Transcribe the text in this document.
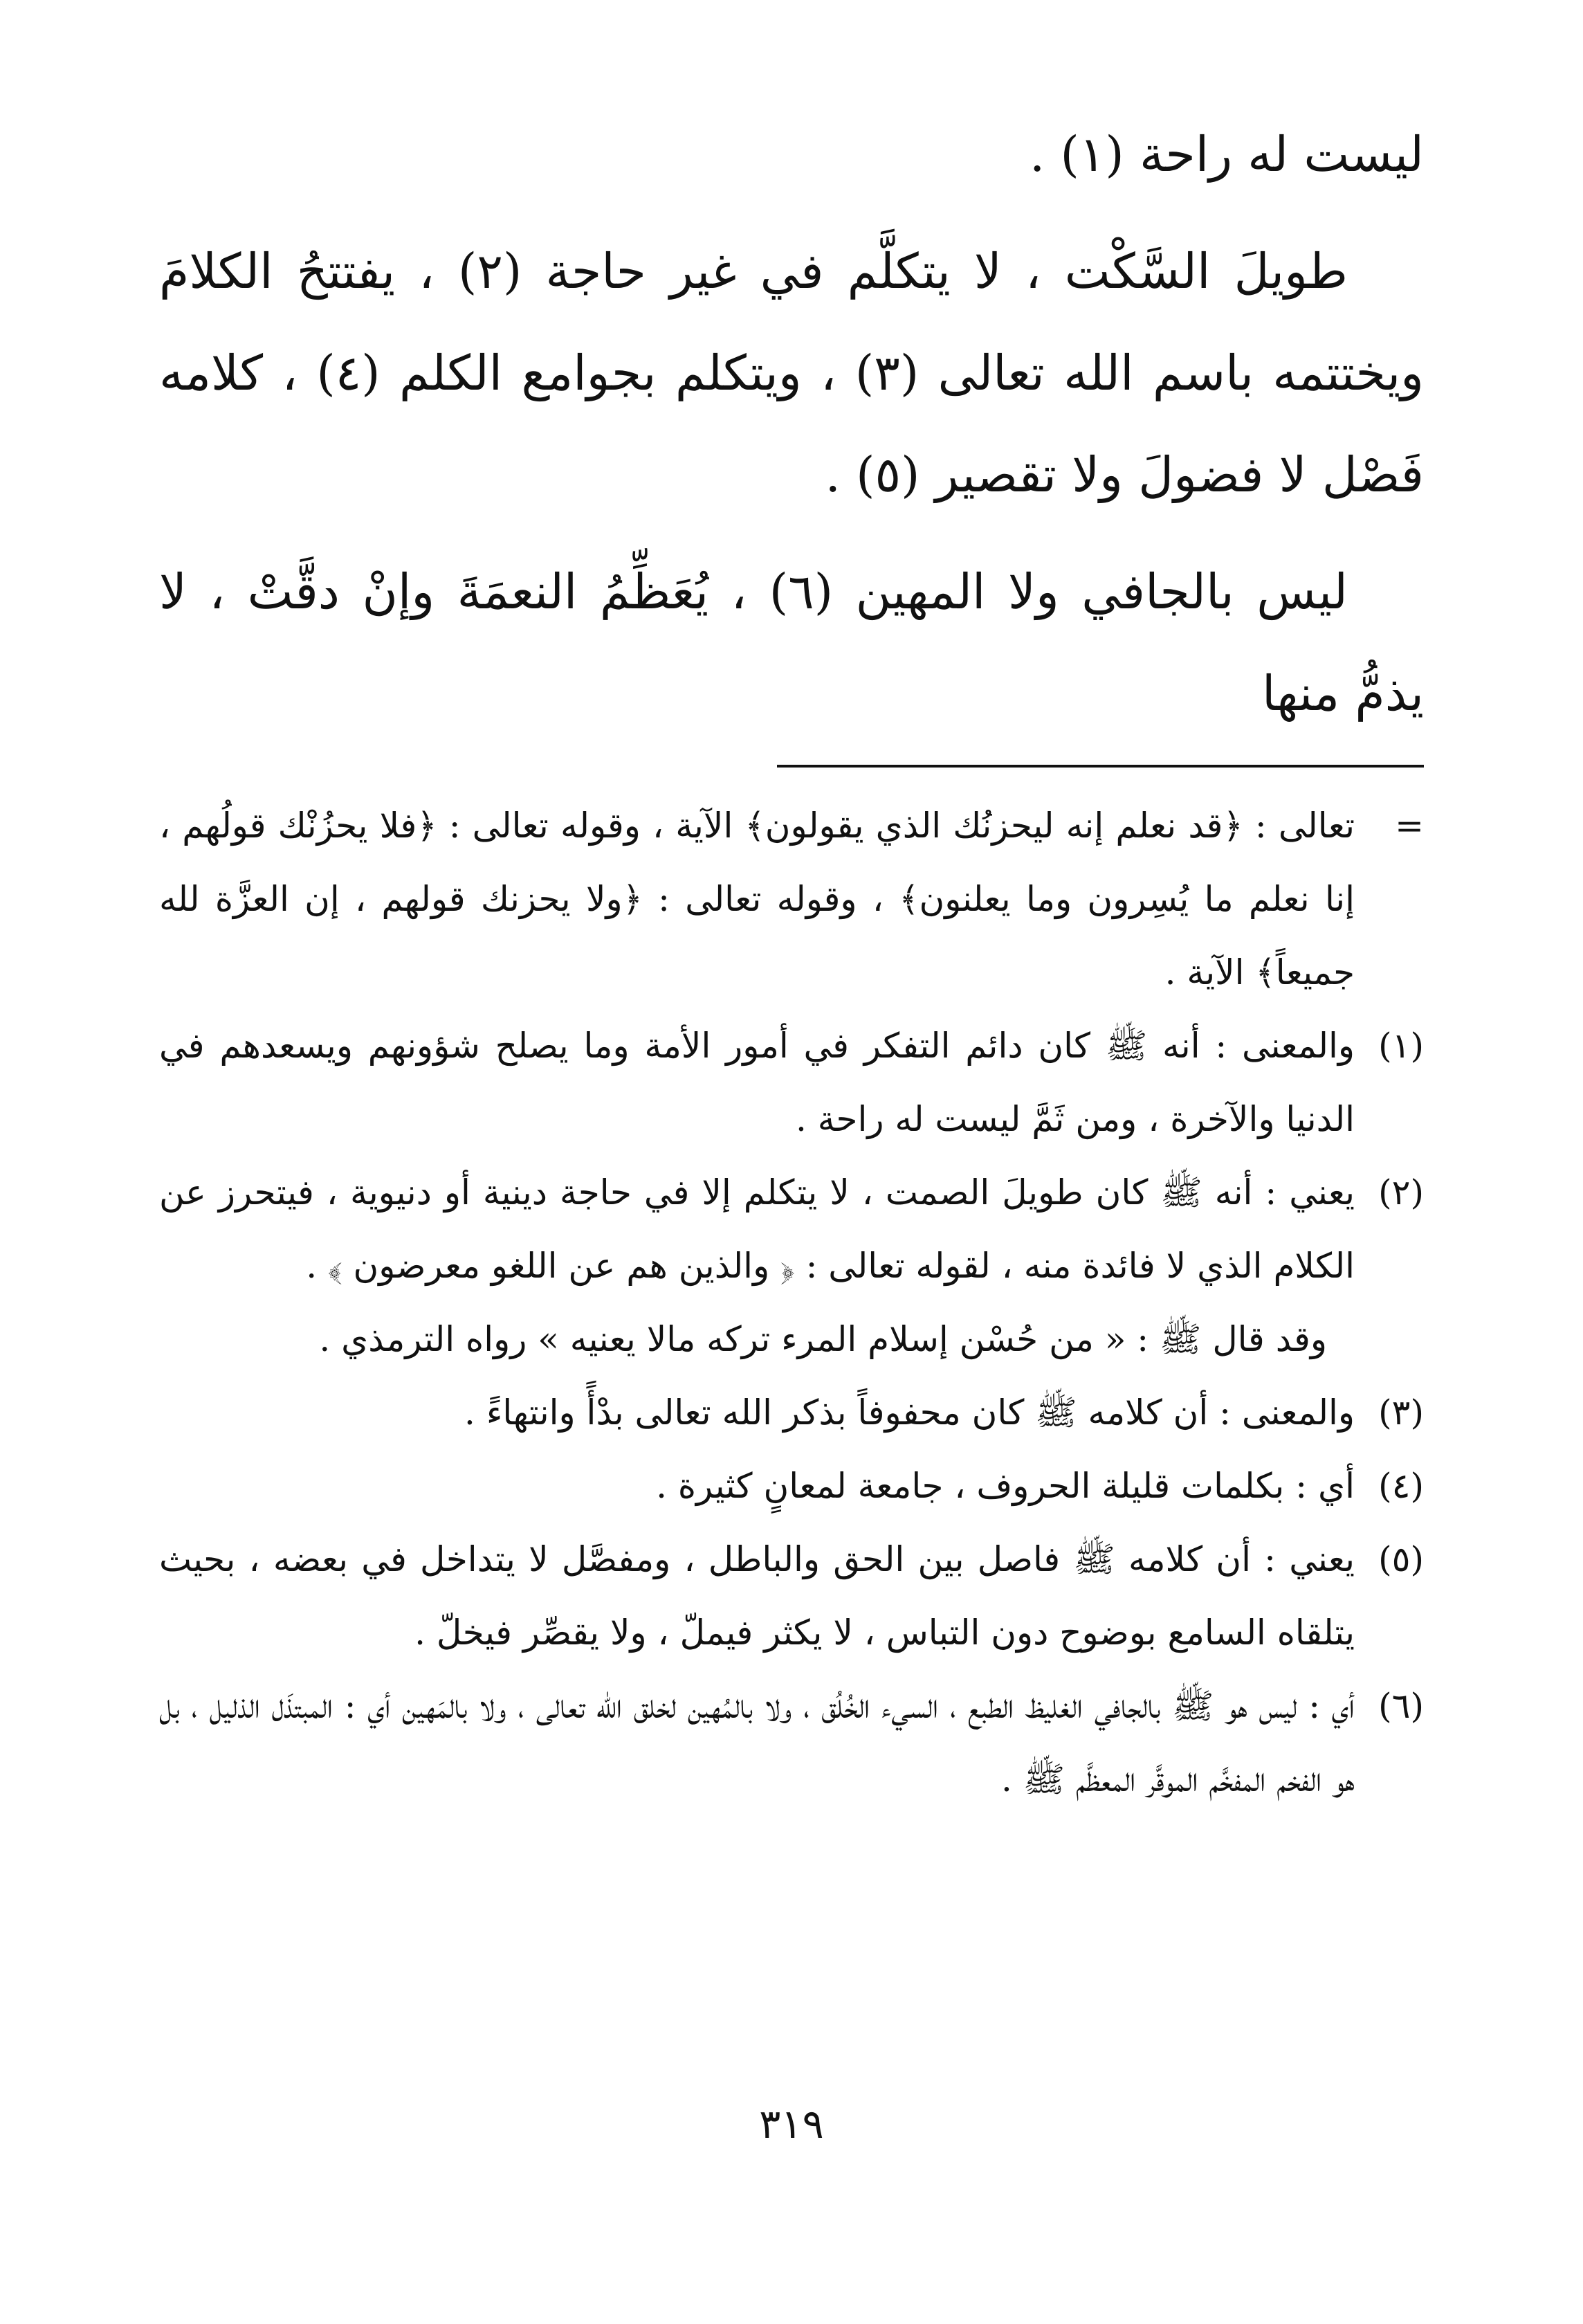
ليست له راحة (١) .

طويلَ السَّكْت ، لا يتكلَّم في غير حاجة (٢) ، يفتتحُ الكلامَ ويختتمه باسم الله تعالى (٣) ، ويتكلم بجوامع الكلم (٤) ، كلامه فَصْل لا فضولَ ولا تقصير (٥) .

ليس بالجافي ولا المهين (٦) ، يُعَظِّمُ النعمَةَ وإنْ دقَّتْ ، لا يذمُّ منها

=تعالى : ﴿قد نعلم إنه ليحزنُك الذي يقولون﴾ الآية ، وقوله تعالى : ﴿فلا يحزُنْك قولُهم ، إنا نعلم ما يُسِرون وما يعلنون﴾ ، وقوله تعالى : ﴿ولا يحزنك قولهم ، إن العزَّة لله جميعاً﴾ الآية .

(١)والمعنى : أنه ﷺ كان دائم التفكر في أمور الأمة وما يصلح شؤونهم ويسعدهم في الدنيا والآخرة ، ومن ثَمَّ ليست له راحة .

(٢)يعني : أنه ﷺ كان طويلَ الصمت ، لا يتكلم إلا في حاجة دينية أو دنيوية ، فيتحرز عن الكلام الذي لا فائدة منه ، لقوله تعالى : ﴿ والذين هم عن اللغو معرضون ﴾ .

وقد قال ﷺ : « من حُسْن إسلام المرء تركه مالا يعنيه » رواه الترمذي .

(٣)والمعنى : أن كلامه ﷺ كان محفوفاً بذكر الله تعالى بدْأً وانتهاءً .

(٤)أي : بكلمات قليلة الحروف ، جامعة لمعانٍ كثيرة .

(٥)يعني : أن كلامه ﷺ فاصل بين الحق والباطل ، ومفصَّل لا يتداخل في بعضه ، بحيث يتلقاه السامع بوضوح دون التباس ، لا يكثر فيملّ ، ولا يقصِّر فيخلّ .

(٦)أي : ليس هو ﷺ بالجافي الغليظ الطبع ، السيء الخُلُق ، ولا بالمُهين لخلق الله تعالى ، ولا بالمَهين أي : المبتذَل الذليل ، بل هو الفخم المفخَّم الموقَّر المعظَّم ﷺ .

٣١٩
